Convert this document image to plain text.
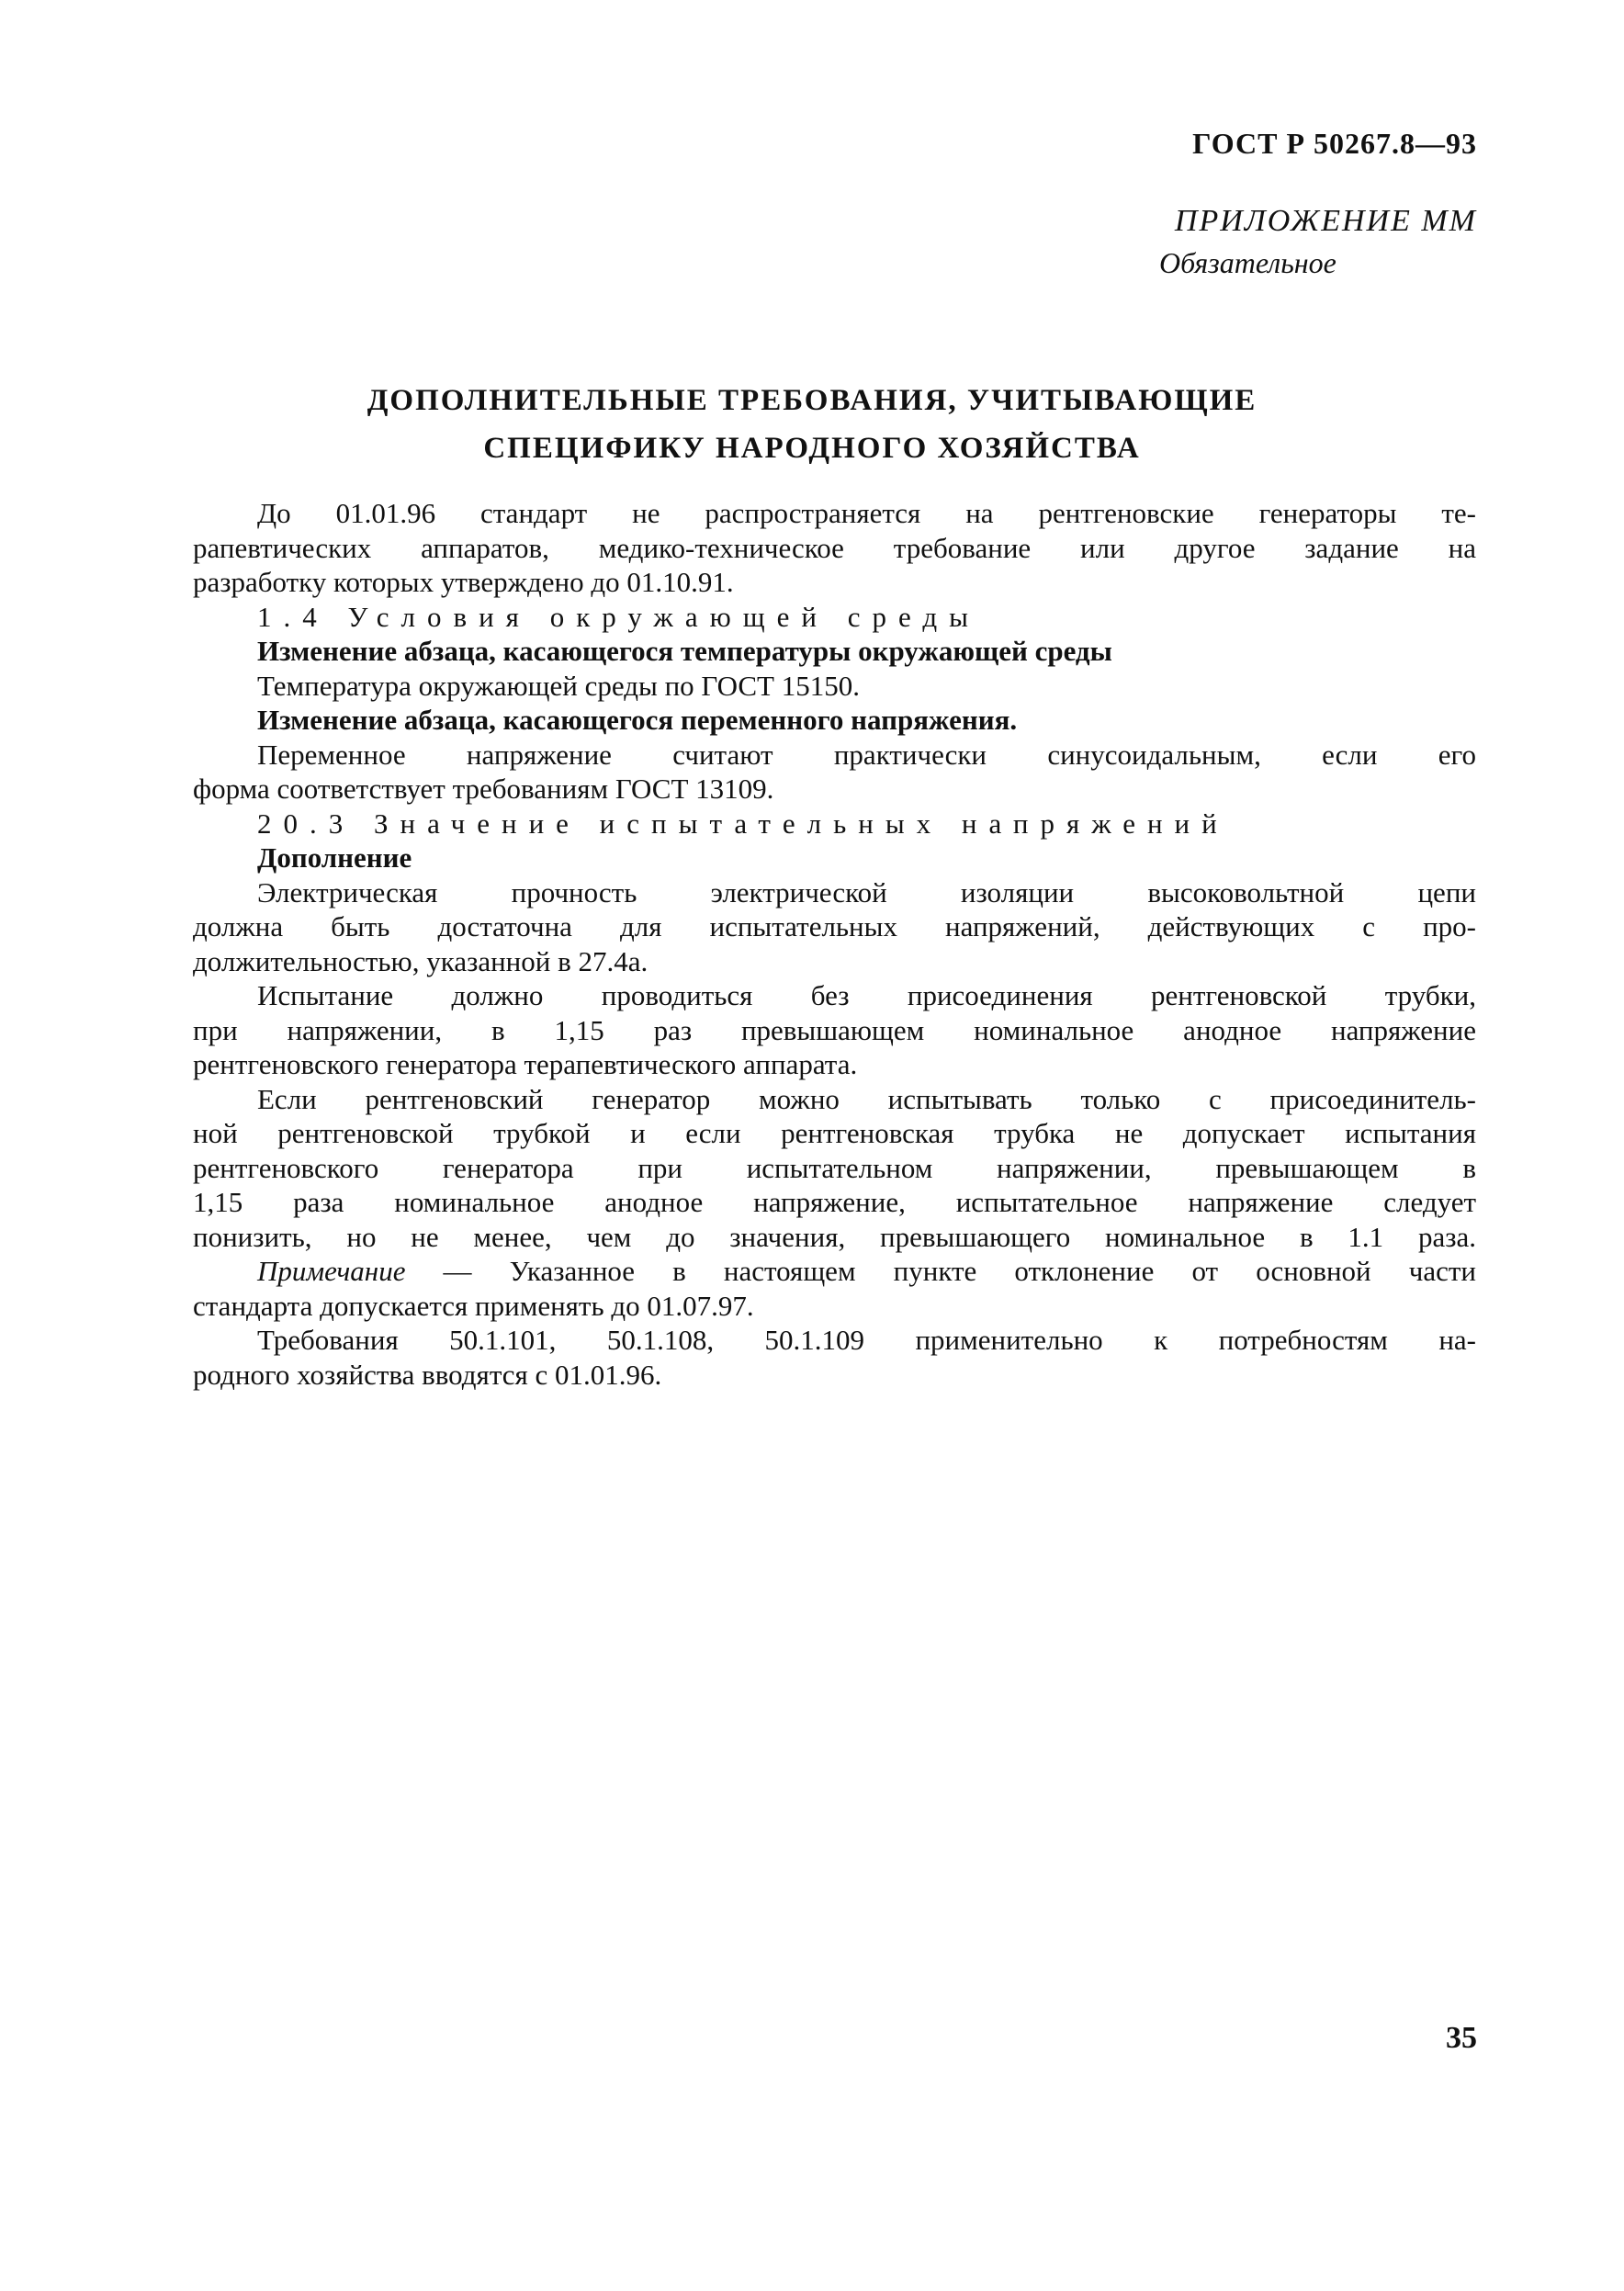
ГОСТ Р 50267.8—93
ПРИЛОЖЕНИЕ ММ
Обязательное
ДОПОЛНИТЕЛЬНЫЕ ТРЕБОВАНИЯ, УЧИТЫВАЮЩИЕ
СПЕЦИФИКУ НАРОДНОГО ХОЗЯЙСТВА
До 01.01.96 стандарт не распространяется на рентгеновские генераторы те-
рапевтических аппаратов, медико-техническое требование или другое задание на
разработку которых утверждено до 01.10.91.
1.4 Условия окружающей среды
Изменение абзаца, касающегося температуры окружающей среды
Температура окружающей среды по ГОСТ 15150.
Изменение абзаца, касающегося переменного напряжения.
Переменное напряжение считают практически синусоидальным, если его
форма соответствует требованиям ГОСТ 13109.
20.3 Значение испытательных напряжений
Дополнение
Электрическая прочность электрической изоляции высоковольтной цепи
должна быть достаточна для испытательных напряжений, действующих с про-
должительностью, указанной в 27.4а.
Испытание должно проводиться без присоединения рентгеновской трубки,
при напряжении, в 1,15 раз превышающем номинальное анодное напряжение
рентгеновского генератора терапевтического аппарата.
Если рентгеновский генератор можно испытывать только с присоединитель-
ной рентгеновской трубкой и если рентгеновская трубка не допускает испытания
рентгеновского генератора при испытательном напряжении, превышающем в
1,15 раза номинальное анодное напряжение, испытательное напряжение следует
понизить, но не менее, чем до значения, превышающего номинальное в 1.1 раза.
Примечание — Указанное в настоящем пункте отклонение от основной части
стандарта допускается применять до 01.07.97.
Требования 50.1.101, 50.1.108, 50.1.109 применительно к потребностям на-
родного хозяйства вводятся с 01.01.96.
35
